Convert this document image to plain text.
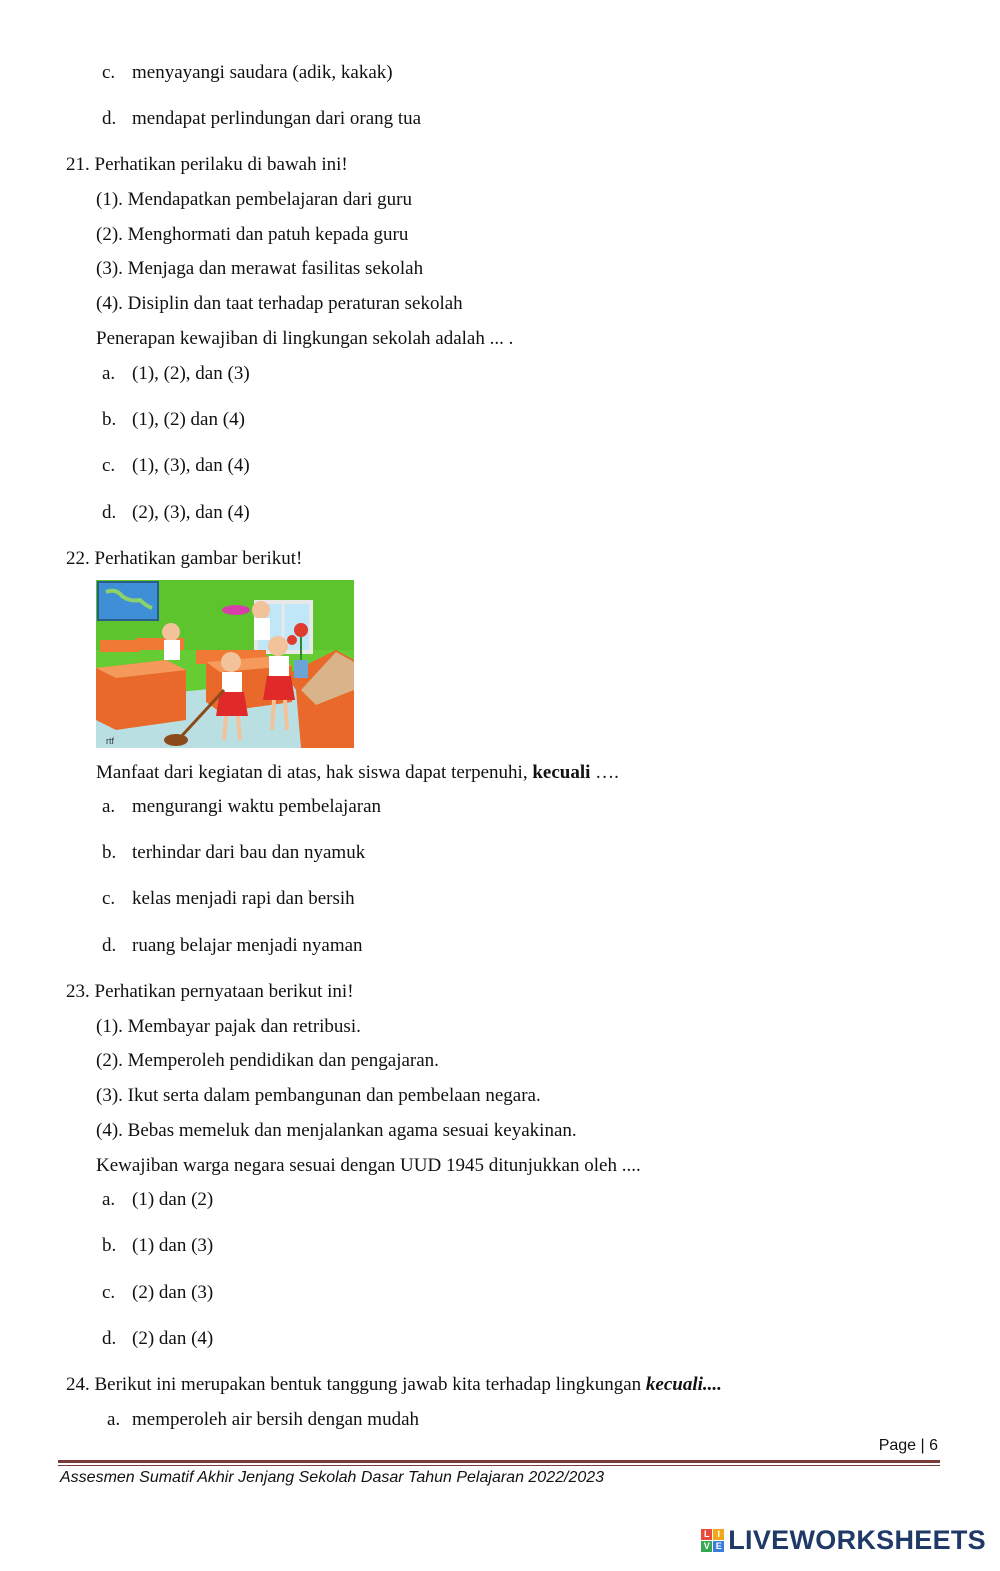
c. menyayangi saudara (adik, kakak)
d. mendapat perlindungan dari orang tua
21. Perhatikan perilaku di bawah ini!
(1). Mendapatkan pembelajaran dari guru
(2). Menghormati dan patuh kepada guru
(3). Menjaga dan merawat fasilitas sekolah
(4). Disiplin dan taat terhadap peraturan sekolah
Penerapan kewajiban di lingkungan sekolah adalah ... .
a. (1), (2), dan (3)
b. (1), (2) dan (4)
c. (1), (3), dan (4)
d. (2), (3), dan (4)
22. Perhatikan gambar berikut!
rtf
Manfaat dari kegiatan di atas, hak siswa dapat terpenuhi, kecuali ….
a. mengurangi waktu pembelajaran
b. terhindar dari bau dan nyamuk
c. kelas menjadi rapi dan bersih
d. ruang belajar menjadi nyaman
23. Perhatikan pernyataan berikut ini!
(1). Membayar pajak dan retribusi.
(2). Memperoleh pendidikan dan pengajaran.
(3). Ikut serta dalam pembangunan dan pembelaan negara.
(4). Bebas memeluk dan menjalankan agama sesuai keyakinan.
Kewajiban warga negara sesuai dengan UUD 1945 ditunjukkan oleh ....
a. (1) dan (2)
b. (1) dan (3)
c. (2) dan (3)
d. (2) dan (4)
24. Berikut ini merupakan bentuk tanggung jawab kita terhadap lingkungan kecuali....
a. memperoleh air bersih dengan mudah
Page | 6
Assesmen Sumatif Akhir Jenjang Sekolah Dasar Tahun Pelajaran 2022/2023
L I
V E LIVEWORKSHEETS
